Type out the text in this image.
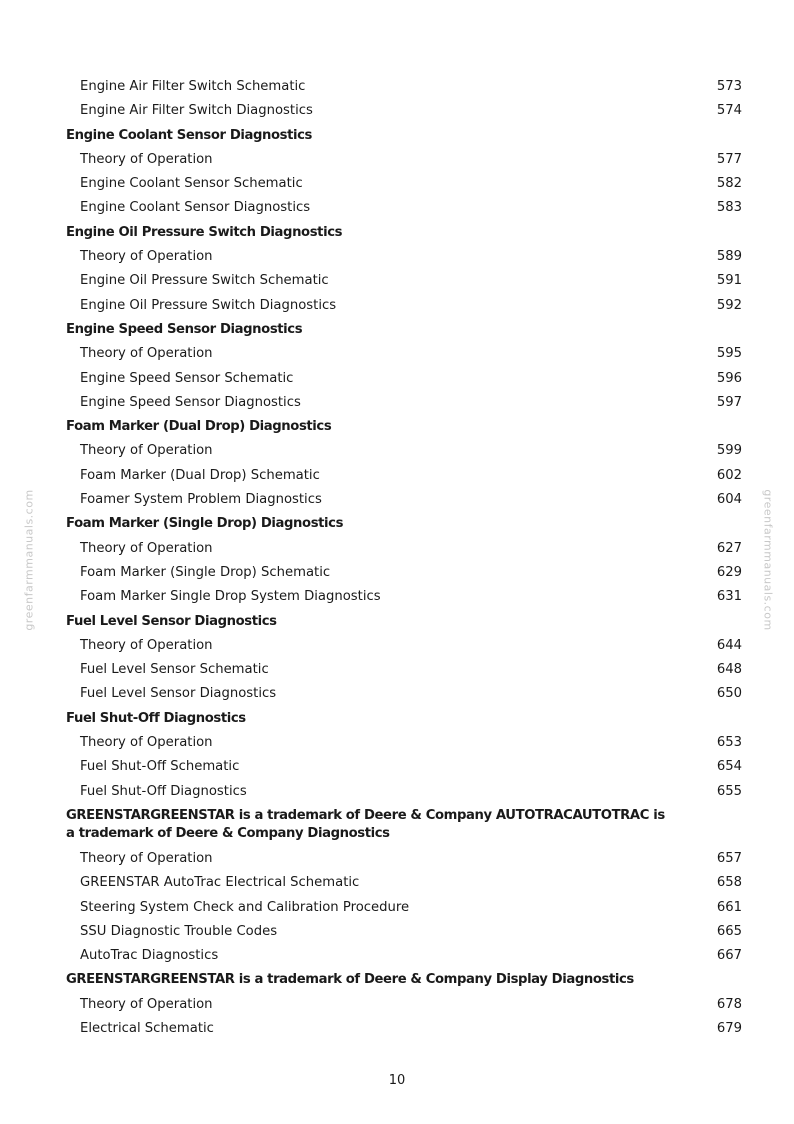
Engine Air Filter Switch Schematic	573
Engine Air Filter Switch Diagnostics	574
Engine Coolant Sensor Diagnostics
Theory of Operation	577
Engine Coolant Sensor Schematic	582
Engine Coolant Sensor Diagnostics	583
Engine Oil Pressure Switch Diagnostics
Theory of Operation	589
Engine Oil Pressure Switch Schematic	591
Engine Oil Pressure Switch Diagnostics	592
Engine Speed Sensor Diagnostics
Theory of Operation	595
Engine Speed Sensor Schematic	596
Engine Speed Sensor Diagnostics	597
Foam Marker (Dual Drop) Diagnostics
Theory of Operation	599
Foam Marker (Dual Drop) Schematic	602
Foamer System Problem Diagnostics	604
Foam Marker (Single Drop) Diagnostics
Theory of Operation	627
Foam Marker (Single Drop) Schematic	629
Foam Marker Single Drop System Diagnostics	631
Fuel Level Sensor Diagnostics
Theory of Operation	644
Fuel Level Sensor Schematic	648
Fuel Level Sensor Diagnostics	650
Fuel Shut-Off Diagnostics
Theory of Operation	653
Fuel Shut-Off Schematic	654
Fuel Shut-Off Diagnostics	655
GREENSTARGREENSTAR is a trademark of Deere & Company AUTOTRACAUTOTRAC is a trademark of Deere & Company Diagnostics
Theory of Operation	657
GREENSTAR AutoTrac Electrical Schematic	658
Steering System Check and Calibration Procedure	661
SSU Diagnostic Trouble Codes	665
AutoTrac Diagnostics	667
GREENSTARGREENSTAR is a trademark of Deere & Company Display Diagnostics
Theory of Operation	678
Electrical Schematic	679
10
greenfarmmanuals.com	greenfarmmanuals.com
